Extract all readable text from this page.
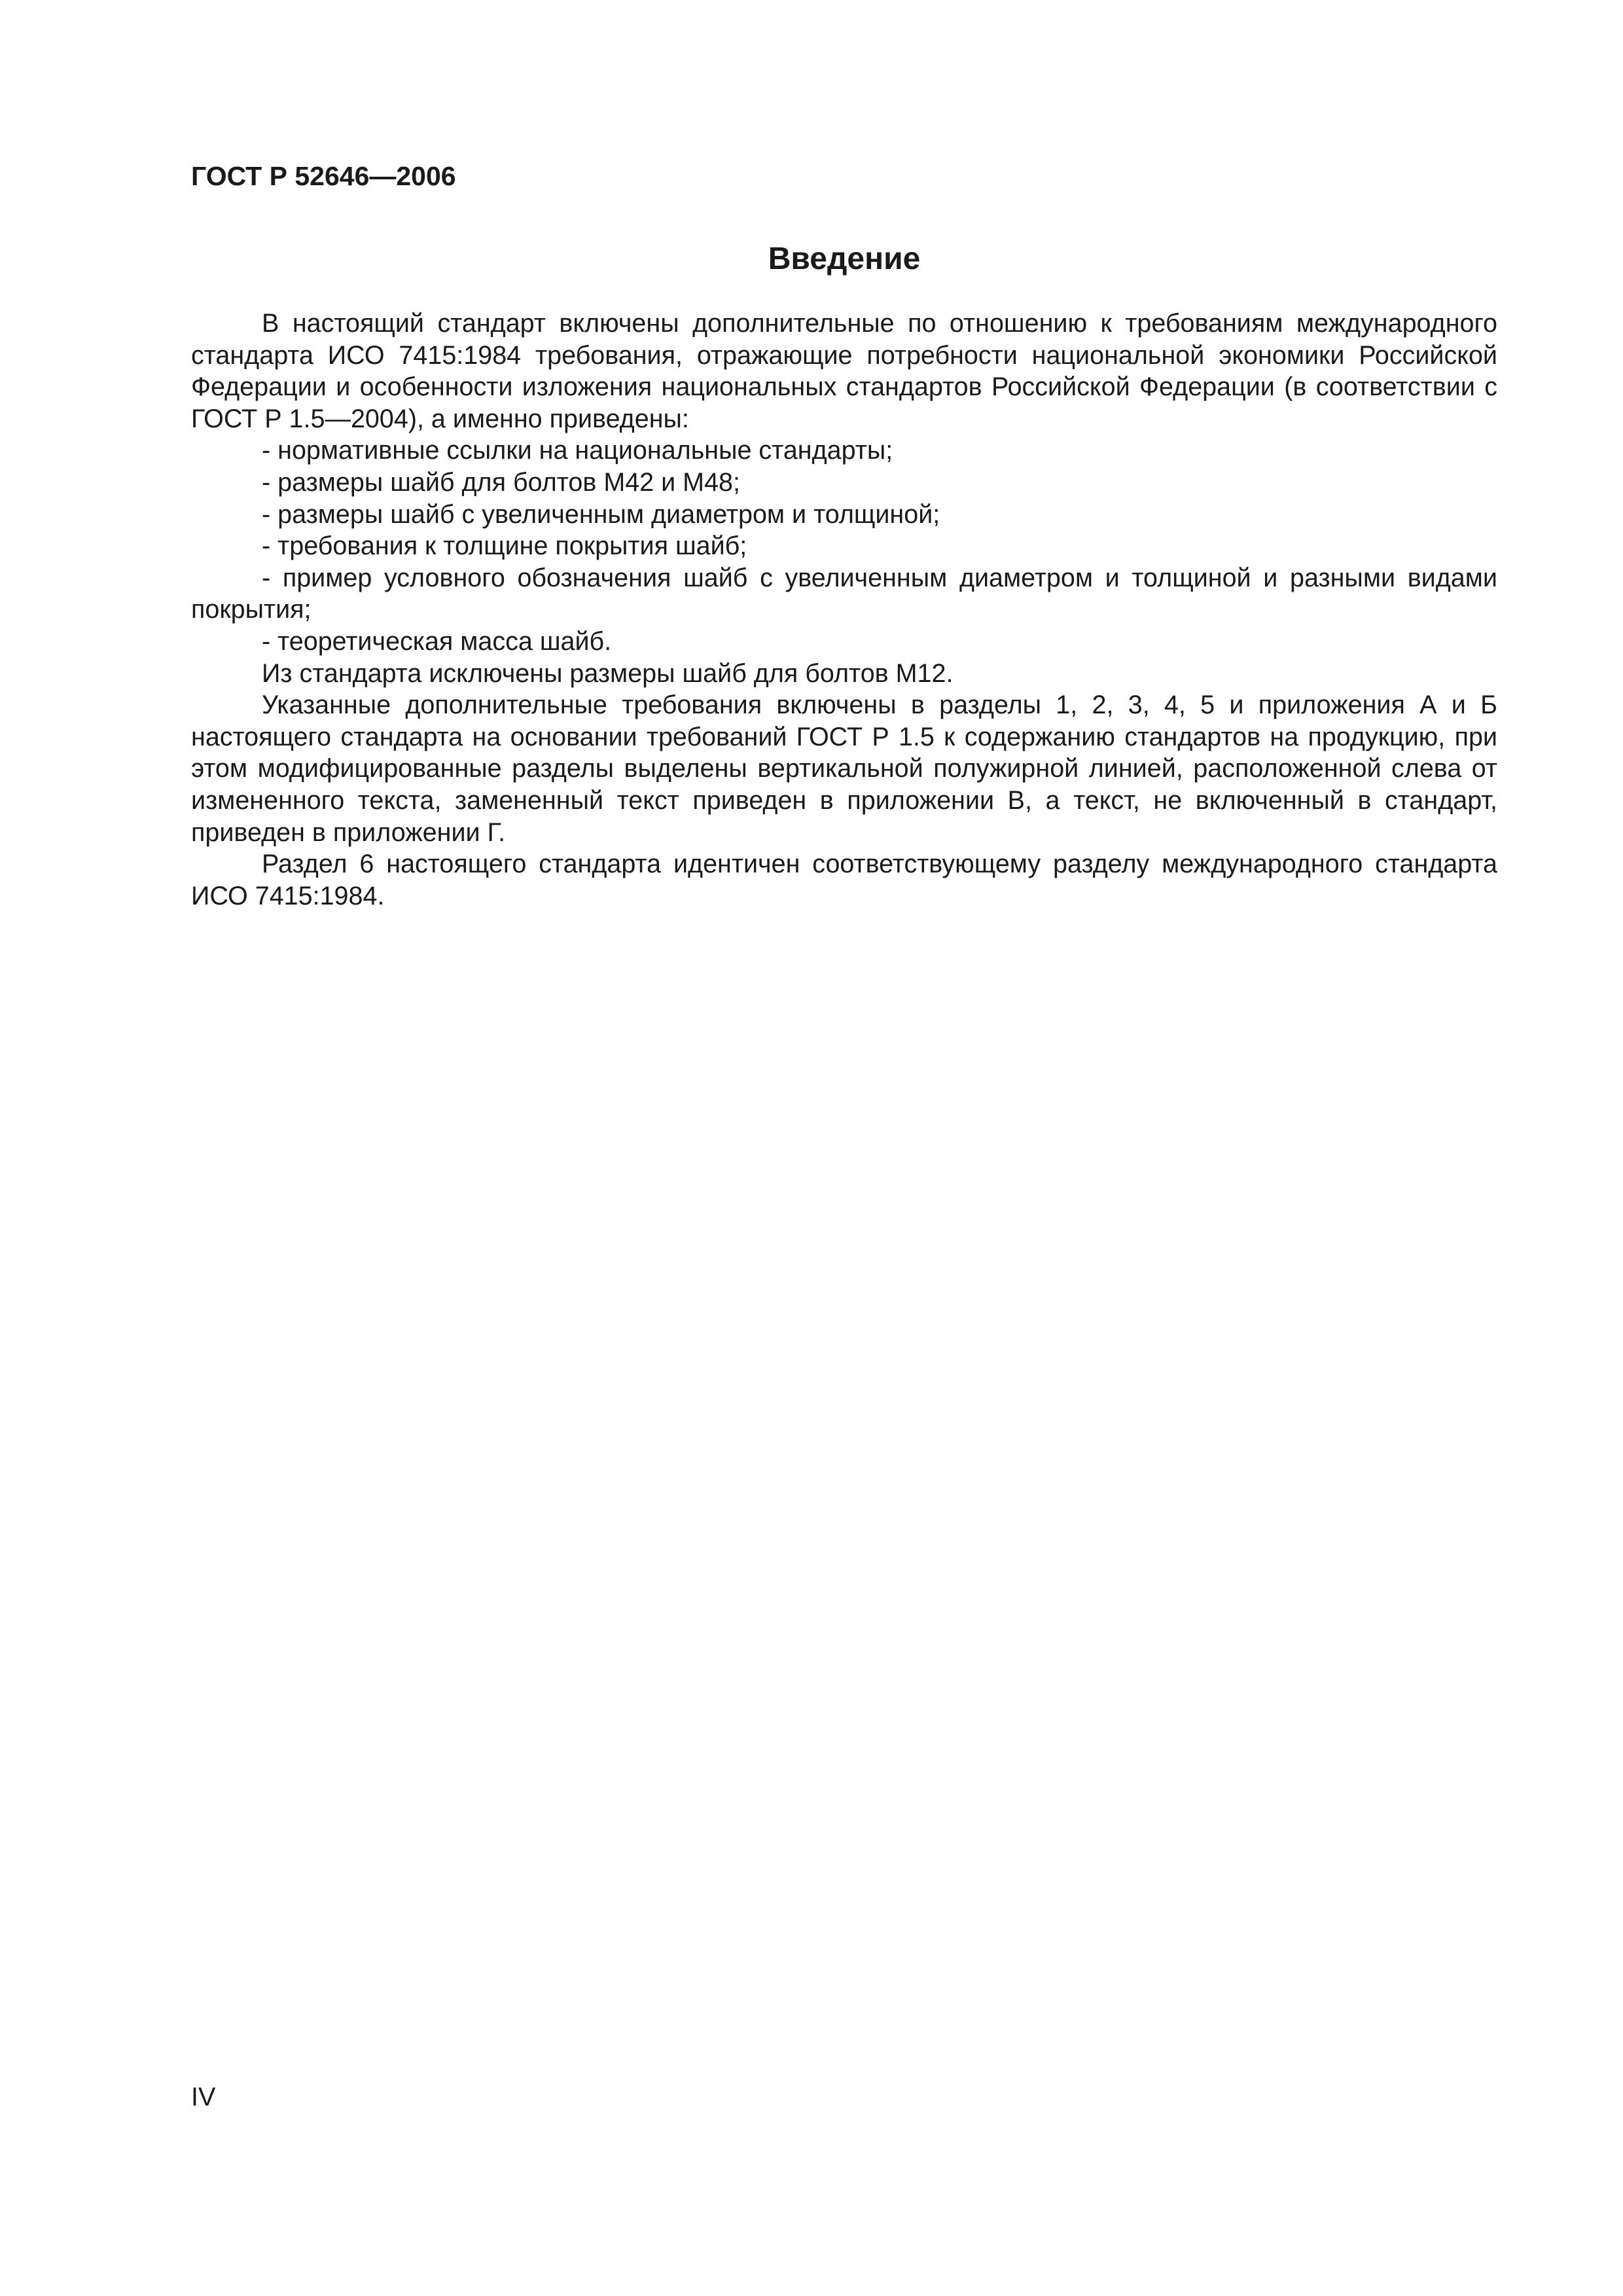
ГОСТ Р 52646—2006
Введение

В настоящий стандарт включены дополнительные по отношению к требованиям международного стандарта ИСО 7415:1984 требования, отражающие потребности национальной экономики Российской Федерации и особенности изложения национальных стандартов Российской Федерации (в соответствии с ГОСТ Р 1.5—2004), а именно приведены:

- нормативные ссылки на национальные стандарты;

- размеры шайб для болтов М42 и М48;

- размеры шайб с увеличенным диаметром и толщиной;

- требования к толщине покрытия шайб;

- пример условного обозначения шайб с увеличенным диаметром и толщиной и разными видами покрытия;

- теоретическая масса шайб.

Из стандарта исключены размеры шайб для болтов М12.

Указанные дополнительные требования включены в разделы 1, 2, 3, 4, 5 и приложения А и Б настоящего стандарта на основании требований ГОСТ Р 1.5 к содержанию стандартов на продукцию, при этом модифицированные разделы выделены вертикальной полужирной линией, расположенной слева от измененного текста, замененный текст приведен в приложении В, а текст, не включенный в стандарт, приведен в приложении Г.

Раздел 6 настоящего стандарта идентичен соответствующему разделу международного стандарта ИСО 7415:1984.

IV
